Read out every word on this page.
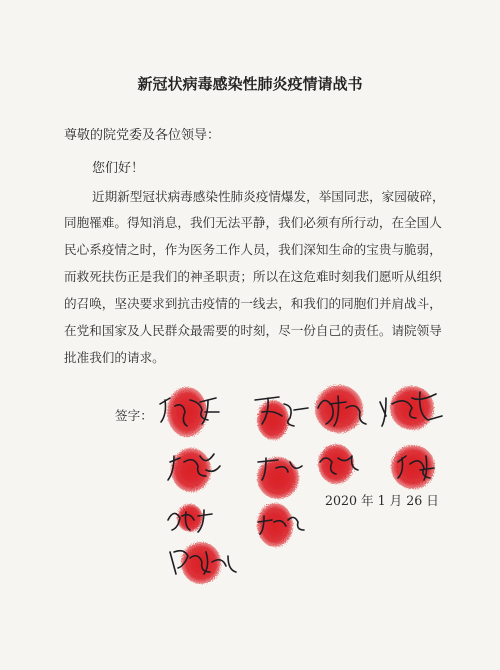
新冠状病毒感染性肺炎疫情请战书
尊敬的院党委及各位领导：
您们好！
近期新型冠状病毒感染性肺炎疫情爆发，举国同悲，家园破碎，
同胞罹难。得知消息，我们无法平静，我们必须有所行动，在全国人
民心系疫情之时，作为医务工作人员，我们深知生命的宝贵与脆弱，
而救死扶伤正是我们的神圣职责；所以在这危难时刻我们愿听从组织
的召唤，坚决要求到抗击疫情的一线去，和我们的同胞们并肩战斗，
在党和国家及人民群众最需要的时刻，尽一份自己的责任。请院领导
批准我们的请求。
签字：
2020 年 1 月 26 日
